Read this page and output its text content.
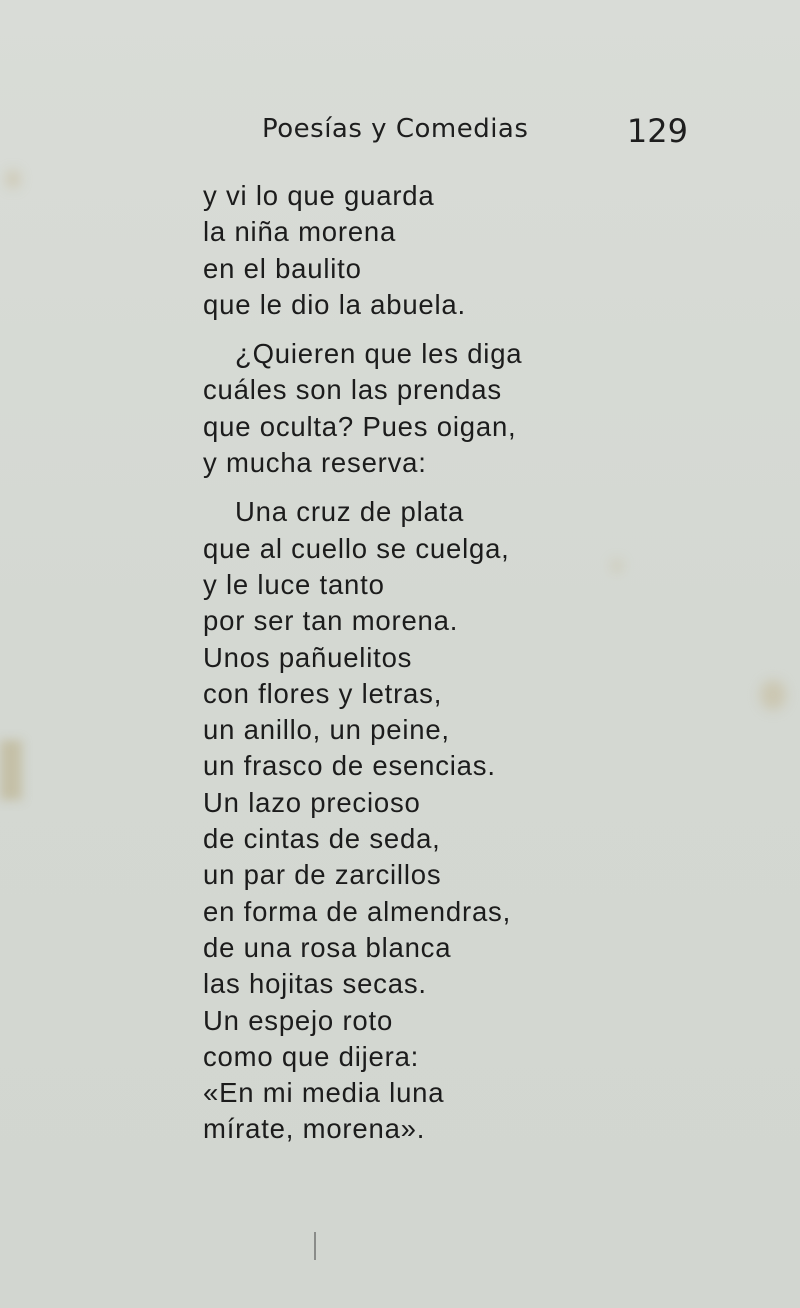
Poesías y Comedias	129
y vi lo que guarda
la niña morena
en el baulito
que le dio la abuela.
¿Quieren que les diga
cuáles son las prendas
que oculta? Pues oigan,
y mucha reserva:
Una cruz de plata
que al cuello se cuelga,
y le luce tanto
por ser tan morena.
Unos pañuelitos
con flores y letras,
un anillo, un peine,
un frasco de esencias.
Un lazo precioso
de cintas de seda,
un par de zarcillos
en forma de almendras,
de una rosa blanca
las hojitas secas.
Un espejo roto
como que dijera:
«En mi media luna
mírate, morena».
